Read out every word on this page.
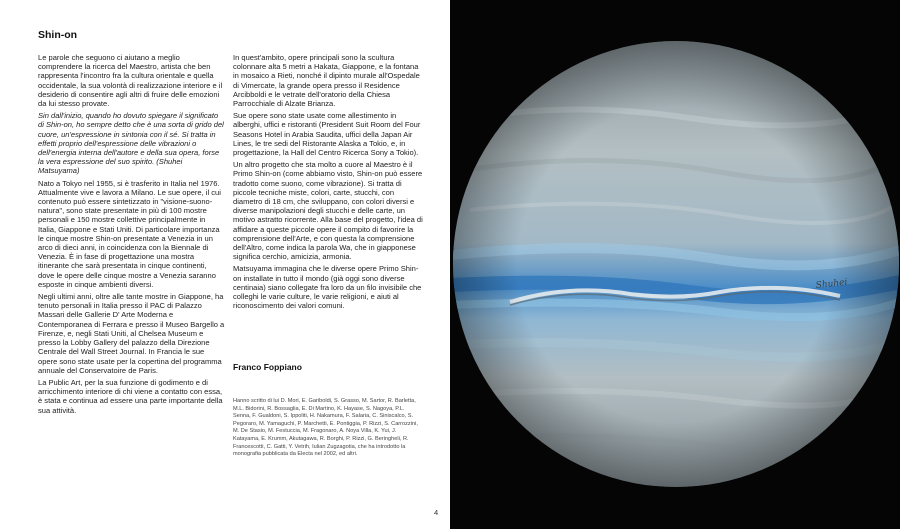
Shin-on

Le parole che seguono ci aiutano a meglio comprendere la ricerca del Maestro, artista che ben rappresenta l'incontro fra la cultura orientale e quella occidentale, la sua volontà di realizzazione interiore e il desiderio di consentire agli altri di fruire delle emozioni da lui stesso provate.

Sin dall'inizio, quando ho dovuto spiegare il significato di Shin-on, ho sempre detto che è una sorta di grido del cuore, un'espressione in sintonia con il sé. Si tratta in effetti proprio dell'espressione delle vibrazioni o dell'energia interna dell'autore e della sua opera, forse la vera espressione del suo spirito. (Shuhei Matsuyama)

Nato a Tokyo nel 1955, si è trasferito in Italia nel 1976. Attualmente vive e lavora a Milano. Le sue opere, il cui contenuto può essere sintetizzato in "visione-suono-natura", sono state presentate in più di 100 mostre personali e 150 mostre collettive principalmente in Italia, Giappone e Stati Uniti. Di particolare importanza le cinque mostre Shin-on presentate a Venezia in un arco di dieci anni, in coincidenza con la Biennale di Venezia. È in fase di progettazione una mostra itinerante che sarà presentata in cinque continenti, dove le opere delle cinque mostre a Venezia saranno esposte in cinque ambienti diversi.

Negli ultimi anni, oltre alle tante mostre in Giappone, ha tenuto personali in Italia presso il PAC di Palazzo Massari delle Gallerie D' Arte Moderna e Contemporanea di Ferrara e presso il Museo Bargello a Firenze, e, negli Stati Uniti, al Chelsea Museum e presso la Lobby Gallery del palazzo della Direzione Centrale del Wall Street Journal. In Francia le sue opere sono state usate per la copertina del programma annuale del Conservatoire de Paris.

La Public Art, per la sua funzione di godimento e di arricchimento interiore di chi viene a contatto con essa, è stata e continua ad essere una parte importante della sua attività.

In quest'ambito, opere principali sono la scultura colonnare alta 5 metri a Hakata, Giappone, e la fontana in mosaico a Rieti, nonché il dipinto murale all'Ospedale di Vimercate, la grande opera presso il Residence Arcibboldi e le vetrate dell'oratorio della Chiesa Parrocchiale di Alzate Brianza.

Sue opere sono state usate come allestimento in alberghi, uffici e ristoranti (President Suit Room del Four Seasons Hotel in Arabia Saudita, uffici della Japan Air Lines, le tre sedi del Ristorante Alaska a Tokio, e, in progettazione, la Hall del Centro Ricerca Sony a Tokio).

Un altro progetto che sta molto a cuore al Maestro è il Primo Shin-on (come abbiamo visto, Shin-on può essere tradotto come suono, come vibrazione). Si tratta di piccole tecniche miste, colori, carte, stucchi, con diametro di 18 cm, che sviluppano, con colori diversi e diverse manipolazioni degli stucchi e delle carte, un motivo astratto ricorrente. Alla base del progetto, l'idea di affidare a queste piccole opere il compito di favorire la comprensione dell'Arte, e con questa la comprensione dell'Altro, come indica la parola Wa, che in giapponese significa cerchio, amicizia, armonia.

Matsuyama immagina che le diverse opere Primo Shin-on installate in tutto il mondo (già oggi sono diverse centinaia) siano collegate fra loro da un filo invisibile che colleghi le varie culture, le varie religioni, e aiuti al riconoscimento dei valori comuni.

Franco Foppiano

Hanno scritto di lui D. Mori, E. Gariboldi, S. Grasso, M. Sartor, R. Barletta, M.L. Bidorini, R. Bossaglia, E. Di Martino, K. Hayase, S. Nagoya, P.L. Senna, F. Gualdoni, S. Ippoliti, H. Nakamura, F. Salaria, C. Siniscalco, S. Pegoraro, M. Yamaguchi, P. Marchetti, E. Pontiggia, P. Rizzi, S. Carrozzini, M. De Stasio, M. Festuccia, M. Fragonaro, A. Noya Villa, K. Yui, J. Katayama, E. Krumm, Akutagawa, R. Borghi, P. Rizzi, G. Beringheli, R. Francescotti, C. Gatti, Y. Vetrih, Iulian Zugzagotia, che ha introdotto la monografia pubblicata da Electa nel 2002, ed altri.

4
Shuhei
